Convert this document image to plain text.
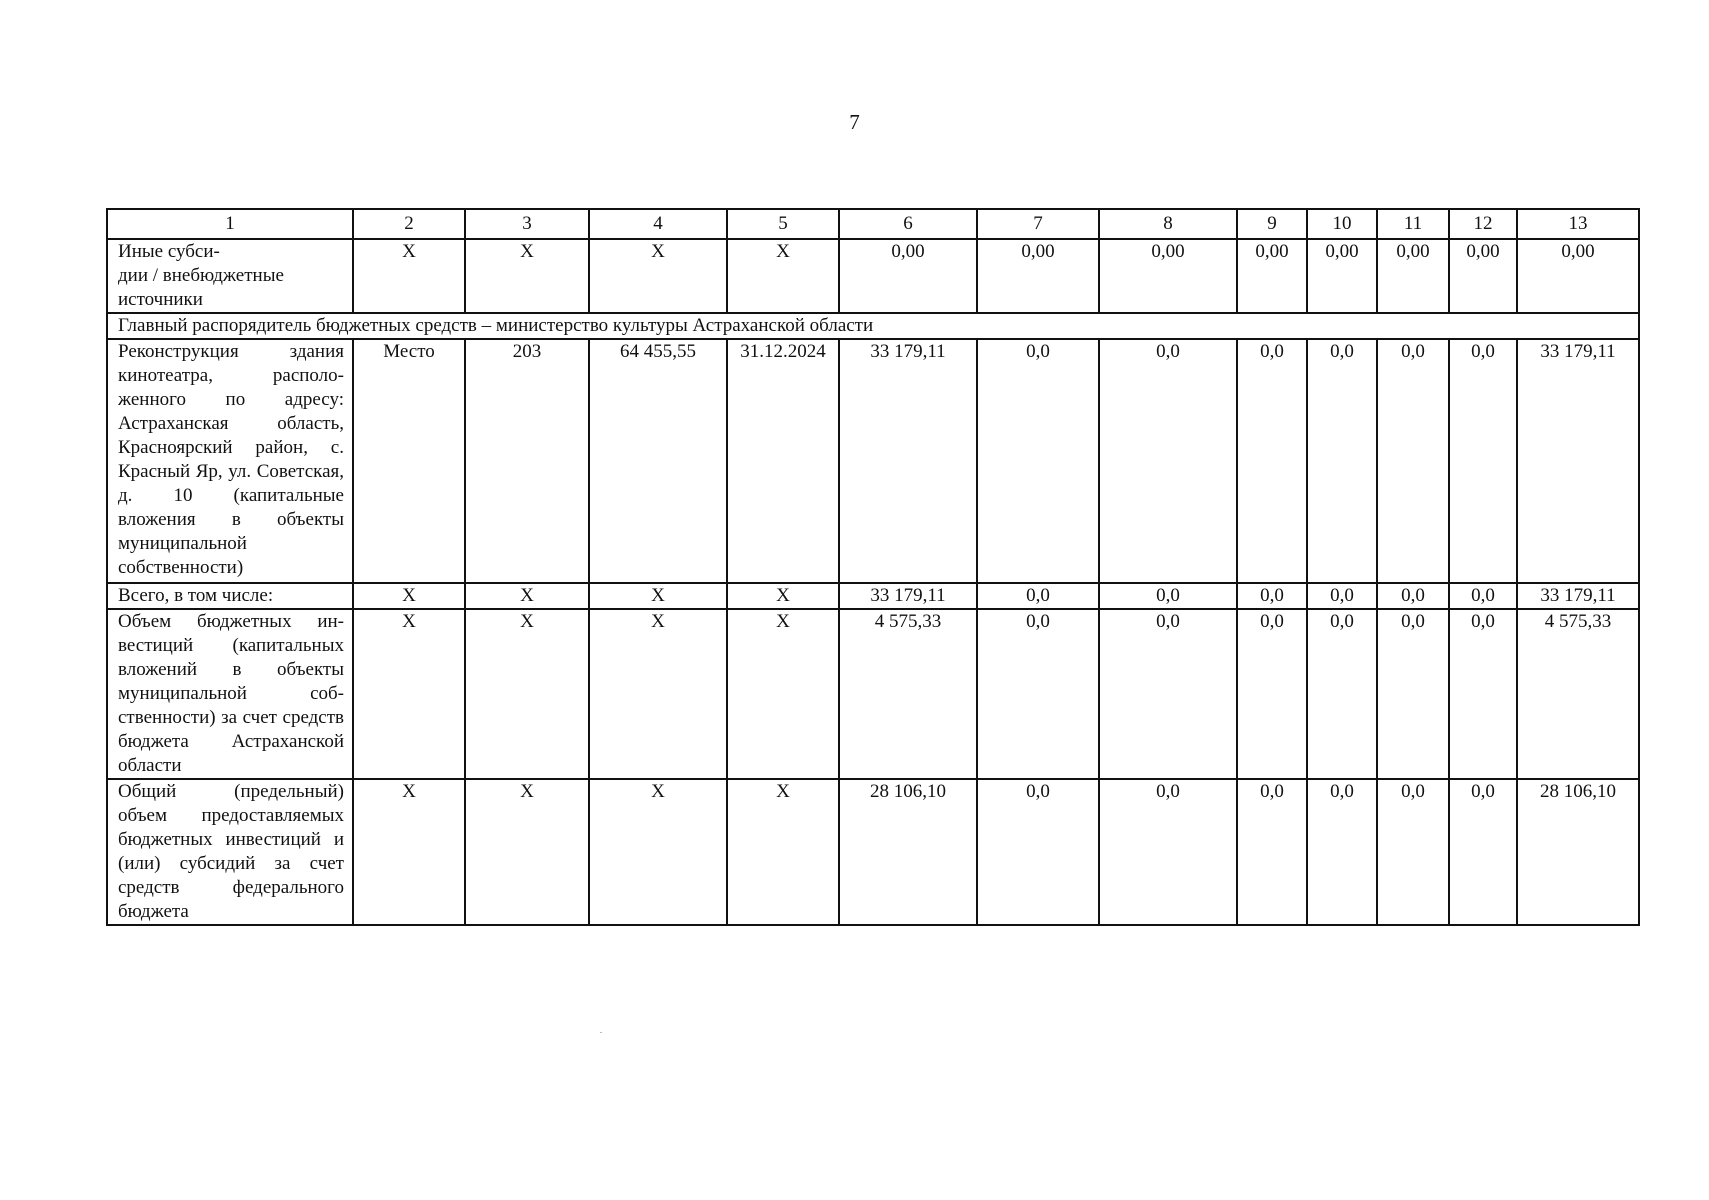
7
1	2	3	4	5	6	7	8	9	10	11	12	13
Иные субси-
дии / внебюджетные
источники	X	X	X	X	0,00	0,00	0,00	0,00	0,00	0,00	0,00	0,00
Главный распорядитель бюджетных средств – министерство культуры Астраханской области												
Реконструкция здания кинотеатра, расположенного по адресу: Астраханская область, Красноярский район, с. Красный Яр, ул. Советская, д. 10 (капитальные вложения в объекты муниципальной собственности)	Место	203	64 455,55	31.12.2024	33 179,11	0,0	0,0	0,0	0,0	0,0	0,0	33 179,11
Всего, в том числе:	X	X	X	X	33 179,11	0,0	0,0	0,0	0,0	0,0	0,0	33 179,11
Объем бюджетных инвестиций (капитальных вложений в объекты муниципальной собственности) за счет средств бюджета Астраханской области	X	X	X	X	4 575,33	0,0	0,0	0,0	0,0	0,0	0,0	4 575,33
Общий (предельный) объем предоставляемых бюджетных инвестиций и (или) субсидий за счет средств федерального бюджета	X	X	X	X	28 106,10	0,0	0,0	0,0	0,0	0,0	0,0	28 106,10
